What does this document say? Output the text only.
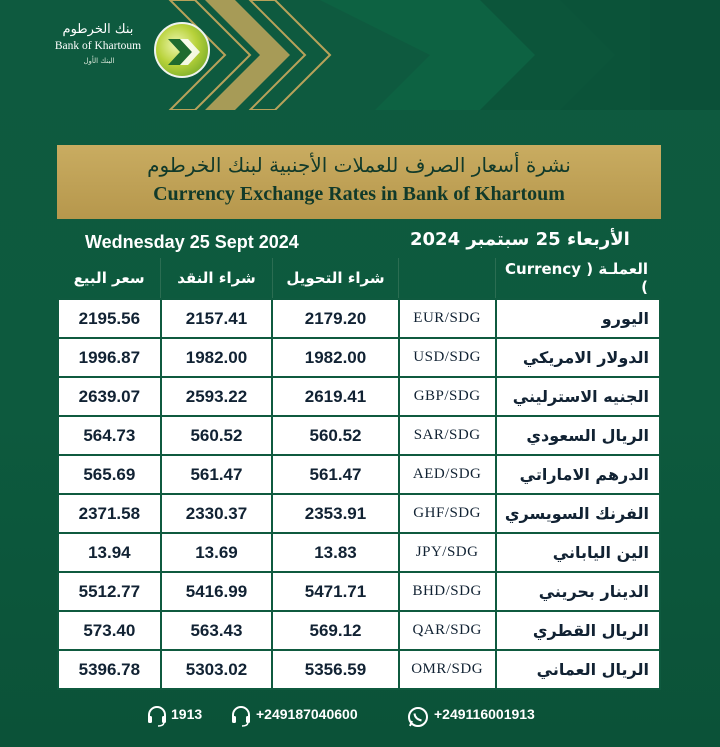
بنك الخرطوم
Bank of Khartoum
البنك الأول
نشرة أسعار الصرف للعملات الأجنبية لبنك الخرطوم
Currency Exchange Rates in Bank of Khartoum
Wednesday 25 Sept 2024	الأربعاء 25 سبتمبر 2024
سعر البيع	شراء النقد	شراء التحويل		العملـة ( Currency )
2195.56	2157.41	2179.20	EUR/SDG	اليورو
1996.87	1982.00	1982.00	USD/SDG	الدولار الامريكي
2639.07	2593.22	2619.41	GBP/SDG	الجنيه الاسترليني
564.73	560.52	560.52	SAR/SDG	الريال السعودي
565.69	561.47	561.47	AED/SDG	الدرهم الاماراتي
2371.58	2330.37	2353.91	GHF/SDG	الفرنك السويسري
13.94	13.69	13.83	JPY/SDG	الين الياباني
5512.77	5416.99	5471.71	BHD/SDG	الدينار بحريني
573.40	563.43	569.12	QAR/SDG	الريال القطري
5396.78	5303.02	5356.59	OMR/SDG	الريال العماني
1913	+249187040600	+249116001913
